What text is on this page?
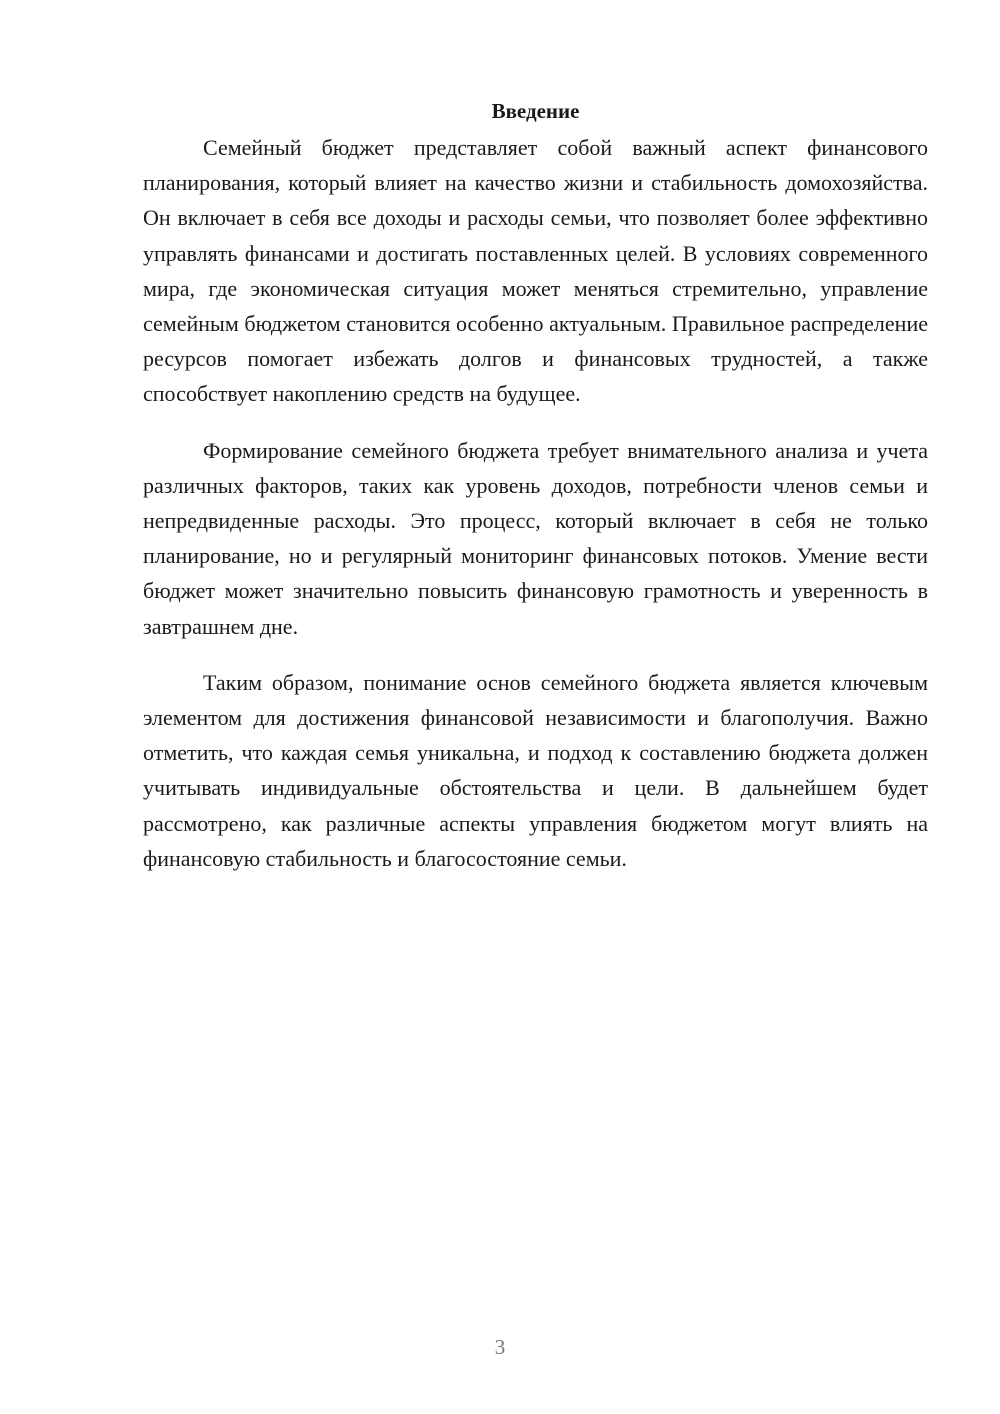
Введение

Семейный бюджет представляет собой важный аспект финансового планирования, который влияет на качество жизни и стабильность домохозяйства. Он включает в себя все доходы и расходы семьи, что позволяет более эффективно управлять финансами и достигать поставленных целей. В условиях современного мира, где экономическая ситуация может меняться стремительно, управление семейным бюджетом становится особенно актуальным. Правильное распределение ресурсов помогает избежать долгов и финансовых трудностей, а также способствует накоплению средств на будущее.

Формирование семейного бюджета требует внимательного анализа и учета различных факторов, таких как уровень доходов, потребности членов семьи и непредвиденные расходы. Это процесс, который включает в себя не только планирование, но и регулярный мониторинг финансовых потоков. Умение вести бюджет может значительно повысить финансовую грамотность и уверенность в завтрашнем дне.

Таким образом, понимание основ семейного бюджета является ключевым элементом для достижения финансовой независимости и благополучия. Важно отметить, что каждая семья уникальна, и подход к составлению бюджета должен учитывать индивидуальные обстоятельства и цели. В дальнейшем будет рассмотрено, как различные аспекты управления бюджетом могут влиять на финансовую стабильность и благосостояние семьи.

3
